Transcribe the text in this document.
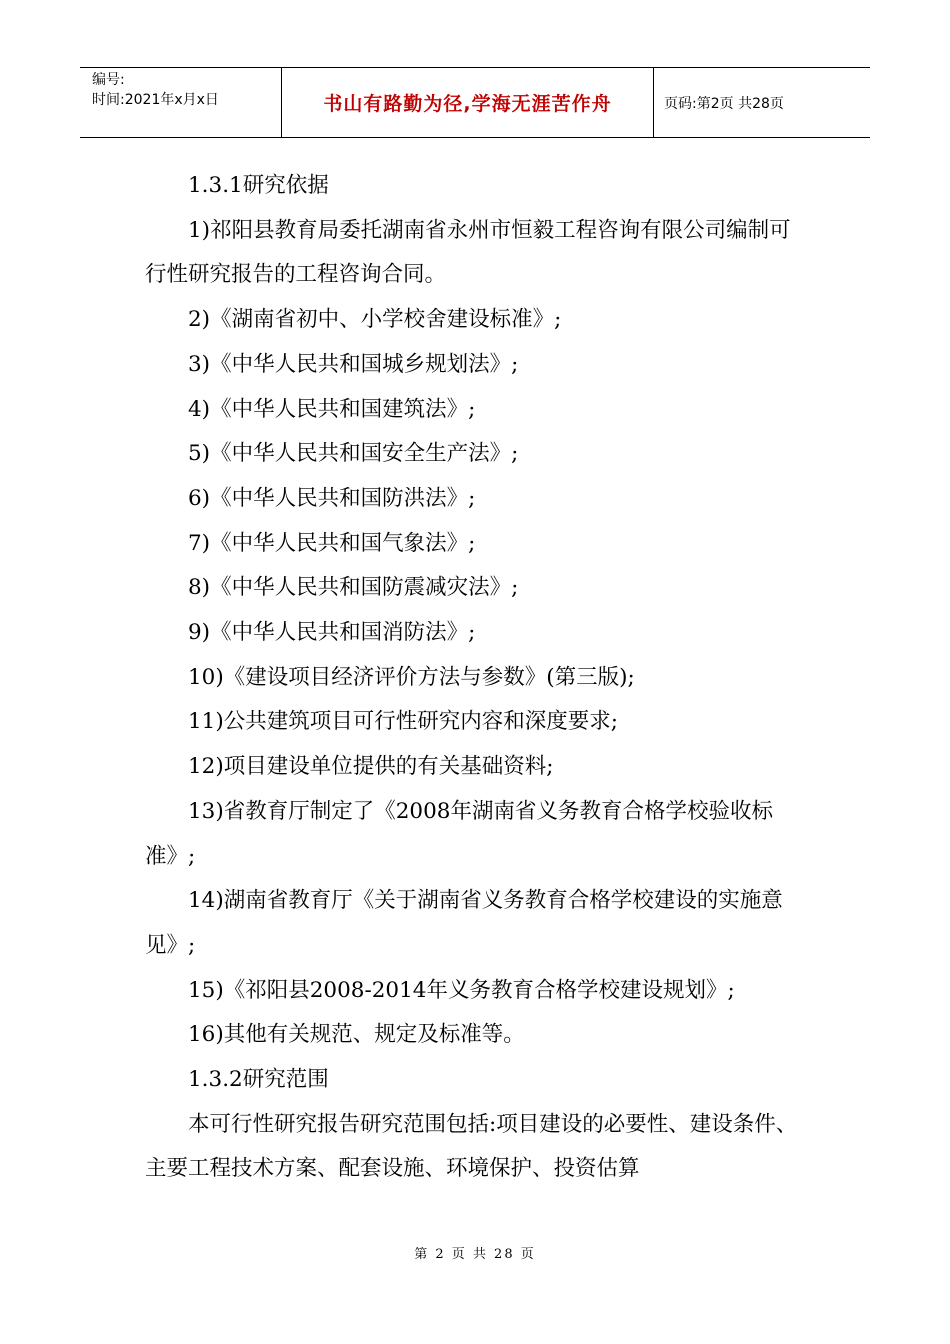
编号:
时间:2021年x月x日	书山有路勤为径,学海无涯苦作舟	页码:第2页 共28页

1.3.1研究依据

1)祁阳县教育局委托湖南省永州市恒毅工程咨询有限公司编制可行性研究报告的工程咨询合同。

2)《湖南省初中、小学校舍建设标准》;

3)《中华人民共和国城乡规划法》;

4)《中华人民共和国建筑法》;

5)《中华人民共和国安全生产法》;

6)《中华人民共和国防洪法》;

7)《中华人民共和国气象法》;

8)《中华人民共和国防震减灾法》;

9)《中华人民共和国消防法》;

10)《建设项目经济评价方法与参数》(第三版);

11)公共建筑项目可行性研究内容和深度要求;

12)项目建设单位提供的有关基础资料;

13)省教育厅制定了《2008年湖南省义务教育合格学校验收标准》;

14)湖南省教育厅《关于湖南省义务教育合格学校建设的实施意见》;

15)《祁阳县2008-2014年义务教育合格学校建设规划》;

16)其他有关规范、规定及标准等。

1.3.2研究范围

本可行性研究报告研究范围包括:项目建设的必要性、建设条件、主要工程技术方案、配套设施、环境保护、投资估算

第 2 页 共 28 页
